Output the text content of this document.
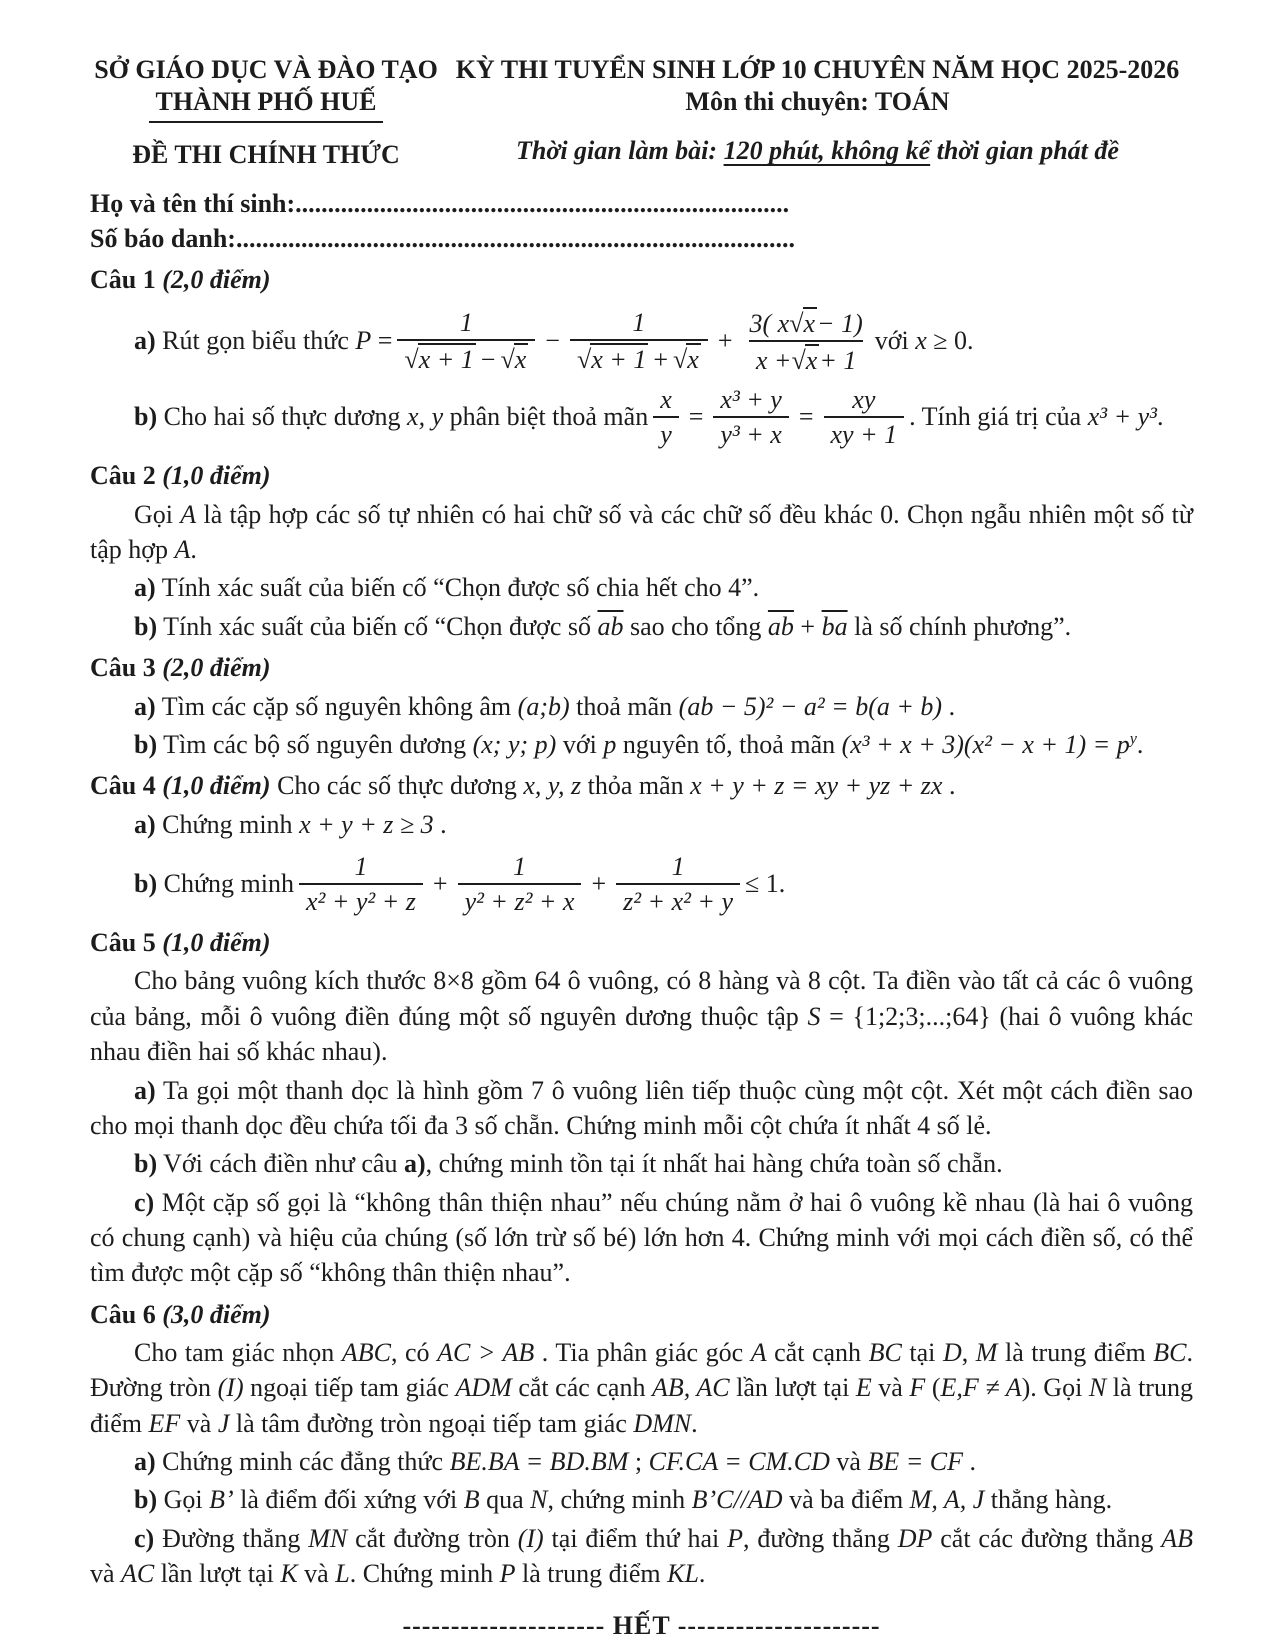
SỞ GIÁO DỤC VÀ ĐÀO TẠO

THÀNH PHỐ HUẾ

ĐỀ THI CHÍNH THỨC

KỲ THI TUYỂN SINH LỚP 10 CHUYÊN NĂM HỌC 2025-2026

Môn thi chuyên: TOÁN

Thời gian làm bài: 120 phút, không kể thời gian phát đề

Họ và tên thí sinh:............................................................................

Số báo danh:......................................................................................

Câu 1 (2,0 điểm)

a) Rút gọn biểu thức $P = \frac{1}{√ x + 1 - √ x} - \frac{1}{√ x + 1 + √ x} + \frac{3( x √ x - 1)}{x + √ x + 1}$ với x ≥ 0.
b) Cho hai số thực dương x, y phân biệt thoả mãn $\frac{x}{y} = \frac{\text{x³ + y}}{\text{y³ + x}} = \frac{xy}{xy + 1}$ . Tính giá trị của x³ + y³.

Câu 2 (1,0 điểm)

Gọi A là tập hợp các số tự nhiên có hai chữ số và các chữ số đều khác 0. Chọn ngẫu nhiên một số từ tập hợp A.

a) Tính xác suất của biến cố “Chọn được số chia hết cho 4”.

b) Tính xác suất của biến cố “Chọn được số $\overline{ab}$ sao cho tổng $\overline{ab} + \overline{ba}$ là số chính phương”.

Câu 3 (2,0 điểm)

a) Tìm các cặp số nguyên không âm (a;b) thoả mãn (ab − 5)² − a² = b(a + b) .

b) Tìm các bộ số nguyên dương (x; y; p) với p nguyên tố, thoả mãn $(x^3 + x + 3)(x^2 - x + 1) = p^y$.

Câu 4 (1,0 điểm) Cho các số thực dương x, y, z thỏa mãn x + y + z = xy + yz + zx .

a) Chứng minh x + y + z ≥ 3 .

b) Chứng minh $\frac{1}{\text{x² + y² + z}} + \frac{1}{\text{y² + z² + x}} + \frac{1}{\text{z² + x² + y}} \le 1$.

Câu 5 (1,0 điểm)

Cho bảng vuông kích thước 8×8 gồm 64 ô vuông, có 8 hàng và 8 cột. Ta điền vào tất cả các ô vuông của bảng, mỗi ô vuông điền đúng một số nguyên dương thuộc tập S = {1;2;3;...;64} (hai ô vuông khác nhau điền hai số khác nhau).

a) Ta gọi một thanh dọc là hình gồm 7 ô vuông liên tiếp thuộc cùng một cột. Xét một cách điền sao cho mọi thanh dọc đều chứa tối đa 3 số chẵn. Chứng minh mỗi cột chứa ít nhất 4 số lẻ.

b) Với cách điền như câu a), chứng minh tồn tại ít nhất hai hàng chứa toàn số chẵn.

c) Một cặp số gọi là “không thân thiện nhau” nếu chúng nằm ở hai ô vuông kề nhau (là hai ô vuông có chung cạnh) và hiệu của chúng (số lớn trừ số bé) lớn hơn 4. Chứng minh với mọi cách điền số, có thể tìm được một cặp số “không thân thiện nhau”.

Câu 6 (3,0 điểm)

Cho tam giác nhọn ABC, có AC > AB . Tia phân giác góc A cắt cạnh BC tại D, M là trung điểm BC. Đường tròn (I) ngoại tiếp tam giác ADM cắt các cạnh AB, AC lần lượt tại E và F (E,F ≠ A). Gọi N là trung điểm EF và J là tâm đường tròn ngoại tiếp tam giác DMN.

a) Chứng minh các đẳng thức BE.BA = BD.BM ; CF.CA = CM.CD và BE = CF .

b) Gọi B’ là điểm đối xứng với B qua N, chứng minh B’C//AD và ba điểm M, A, J thẳng hàng.

c) Đường thẳng MN cắt đường tròn (I) tại điểm thứ hai P, đường thẳng DP cắt các đường thẳng AB và AC lần lượt tại K và L. Chứng minh P là trung điểm KL.

--------------------- HẾT ---------------------
